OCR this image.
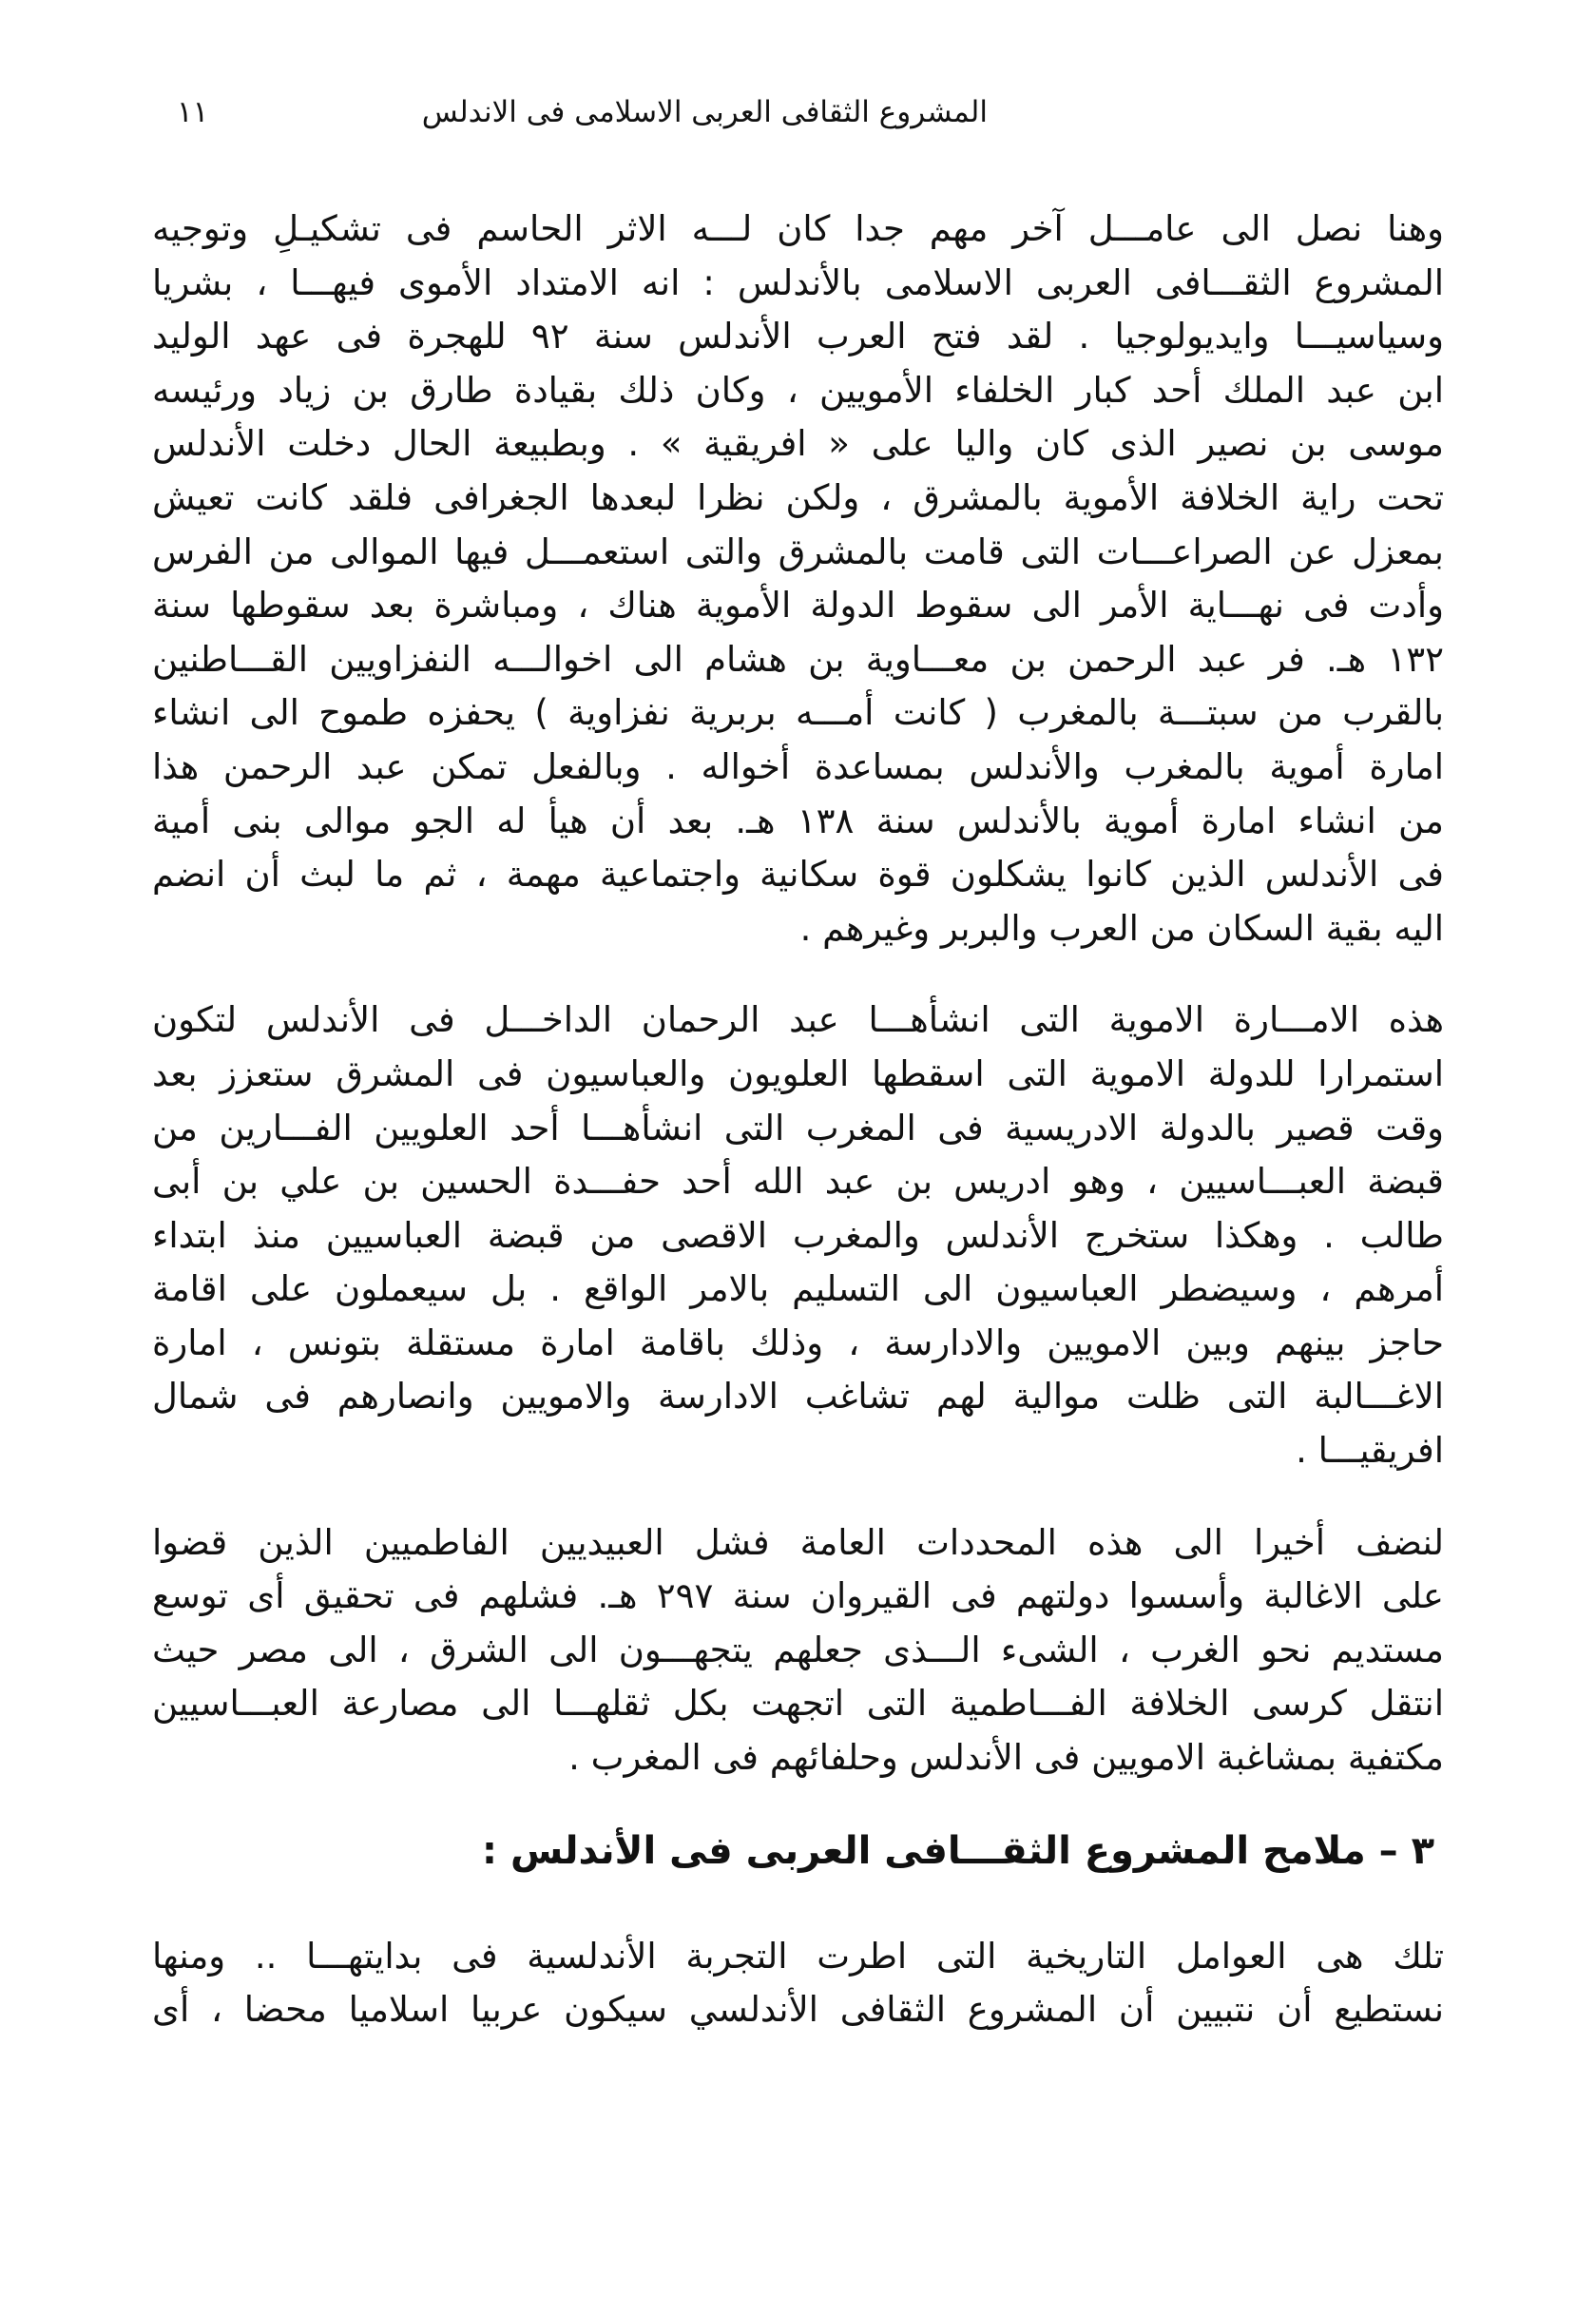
المشروع الثقافى العربى الاسلامى فى الاندلس
١١
وهنا نصل الى عامـــل آخر مهم جدا كان لـــه الاثر الحاسم فى تشكيـلِ وتوجيه
المشروع الثقـــافى العربى الاسلامى بالأندلس : انه الامتداد الأموى فيهـــا ، بشريا
وسياسيـــا وايديولوجيا . لقد فتح العرب الأندلس سنة ٩٢ للهجرة فى عهد الوليد
ابن عبد الملك أحد كبار الخلفاء الأمويين ، وكان ذلك بقيادة طارق بن زياد ورئيسه
موسى بن نصير الذى كان واليا على « افريقية » . وبطبيعة الحال دخلت الأندلس
تحت راية الخلافة الأموية بالمشرق ، ولكن نظرا لبعدها الجغرافى فلقد كانت تعيش
بمعزل عن الصراعـــات التى قامت بالمشرق والتى استعمـــل فيها الموالى من الفرس
وأدت فى نهـــاية الأمر الى سقوط الدولة الأموية هناك ، ومباشرة بعد سقوطها سنة
١٣٢ هـ. فر عبد الرحمن بن معـــاوية بن هشام الى اخوالـــه النفزاويين القـــاطنين
بالقرب من سبتـــة بالمغرب ( كانت أمـــه بربرية نفزاوية ) يحفزه طموح الى انشاء
امارة أموية بالمغرب والأندلس بمساعدة أخواله . وبالفعل تمكن عبد الرحمن هذا
من انشاء امارة أموية بالأندلس سنة ١٣٨ هـ. بعد أن هيأ له الجو موالى بنى أمية
فى الأندلس الذين كانوا يشكلون قوة سكانية واجتماعية مهمة ، ثم ما لبث أن انضم
اليه بقية السكان من العرب والبربر وغيرهم .
هذه الامـــارة الاموية التى انشأهـــا عبد الرحمان الداخـــل فى الأندلس لتكون
استمرارا للدولة الاموية التى اسقطها العلويون والعباسيون فى المشرق ستعزز بعد
وقت قصير بالدولة الادريسية فى المغرب التى انشأهـــا أحد العلويين الفـــارين من
قبضة العبـــاسيين ، وهو ادريس بن عبد الله أحد حفـــدة الحسين بن علي بن أبى
طالب . وهكذا ستخرج الأندلس والمغرب الاقصى من قبضة العباسيين منذ ابتداء
أمرهم ، وسيضطر العباسيون الى التسليم بالامر الواقع . بل سيعملون على اقامة
حاجز بينهم وبين الامويين والادارسة ، وذلك باقامة امارة مستقلة بتونس ، امارة
الاغـــالبة التى ظلت موالية لهم تشاغب الادارسة والامويين وانصارهم فى شمال
افريقيـــا .
لنضف أخيرا الى هذه المحددات العامة فشل العبيديين الفاطميين الذين قضوا
على الاغالبة وأسسوا دولتهم فى القيروان سنة ٢٩٧ هـ. فشلهم فى تحقيق أى توسع
مستديم نحو الغرب ، الشىء الـــذى جعلهم يتجهـــون الى الشرق ، الى مصر حيث
انتقل كرسى الخلافة الفـــاطمية التى اتجهت بكل ثقلهـــا الى مصارعة العبـــاسيين
مكتفية بمشاغبة الامويين فى الأندلس وحلفائهم فى المغرب .
٣ – ملامح المشروع الثقـــافى العربى فى الأندلس :
تلك هى العوامل التاريخية التى اطرت التجربة الأندلسية فى بدايتهـــا .. ومنها
نستطيع أن نتبيين أن المشروع الثقافى الأندلسي سيكون عربيا اسلاميا محضا ، أى
